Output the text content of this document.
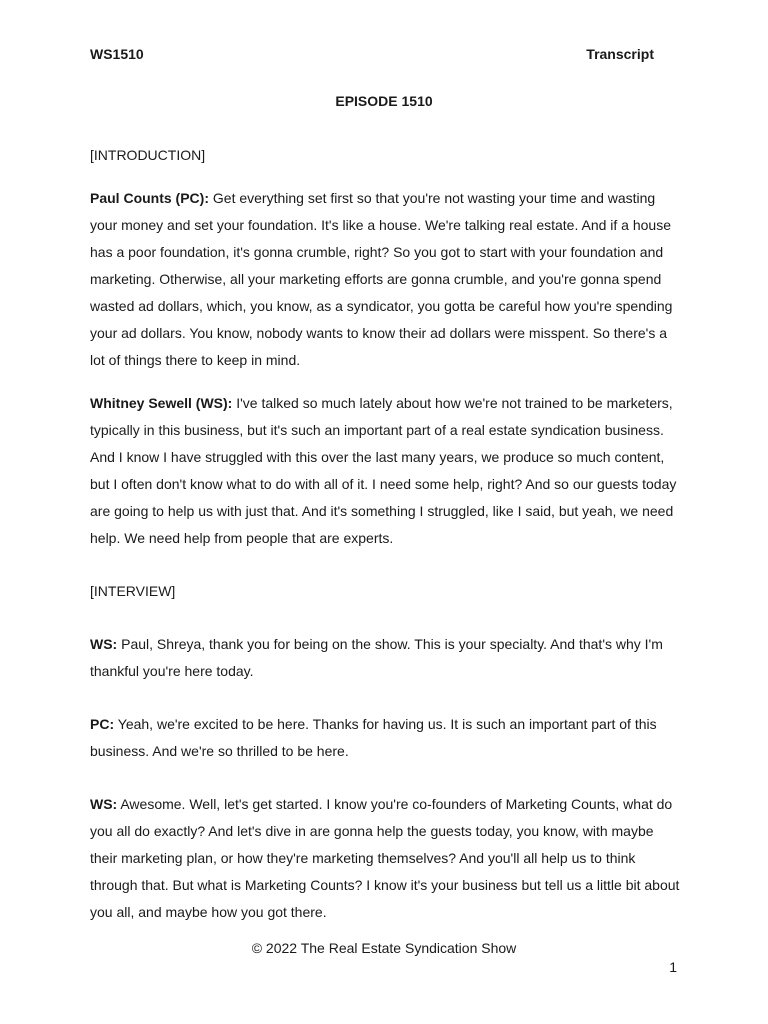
WS1510	Transcript
EPISODE 1510

[INTRODUCTION]

Paul Counts (PC): Get everything set first so that you're not wasting your time and wasting your money and set your foundation. It's like a house. We're talking real estate. And if a house has a poor foundation, it's gonna crumble, right? So you got to start with your foundation and marketing. Otherwise, all your marketing efforts are gonna crumble, and you're gonna spend wasted ad dollars, which, you know, as a syndicator, you gotta be careful how you're spending your ad dollars. You know, nobody wants to know their ad dollars were misspent. So there's a lot of things there to keep in mind.

Whitney Sewell (WS): I've talked so much lately about how we're not trained to be marketers, typically in this business, but it's such an important part of a real estate syndication business. And I know I have struggled with this over the last many years, we produce so much content, but I often don't know what to do with all of it. I need some help, right? And so our guests today are going to help us with just that. And it's something I struggled, like I said, but yeah, we need help. We need help from people that are experts.

[INTERVIEW]

WS: Paul, Shreya, thank you for being on the show. This is your specialty. And that's why I'm thankful you're here today.

PC: Yeah, we're excited to be here. Thanks for having us. It is such an important part of this business. And we're so thrilled to be here.

WS: Awesome. Well, let's get started. I know you're co-founders of Marketing Counts, what do you all do exactly? And let's dive in are gonna help the guests today, you know, with maybe their marketing plan, or how they're marketing themselves? And you'll all help us to think through that. But what is Marketing Counts? I know it's your business but tell us a little bit about you all, and maybe how you got there.

© 2022 The Real Estate Syndication Show
1
